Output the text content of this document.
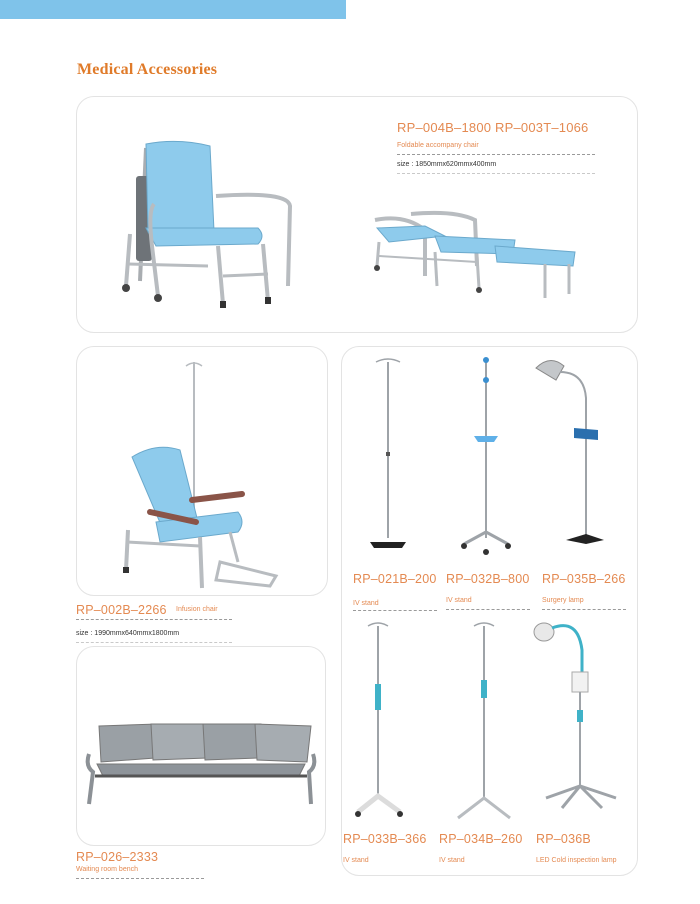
Medical Accessories
RP–004B–1800 RP–003T–1066
Foldable accompany chair
size : 1850mmx620mmx400mm
RP–002B–2266 Infusion chair
size : 1990mmx640mmx1800mm
RP–026–2333
Waiting room bench
RP–021B–200 RP–032B–800 RP–035B–266
IV stand	IV stand	Surgery lamp
RP–033B–366 RP–034B–260 RP–036B
IV stand	IV stand	LED Cold inspection lamp
